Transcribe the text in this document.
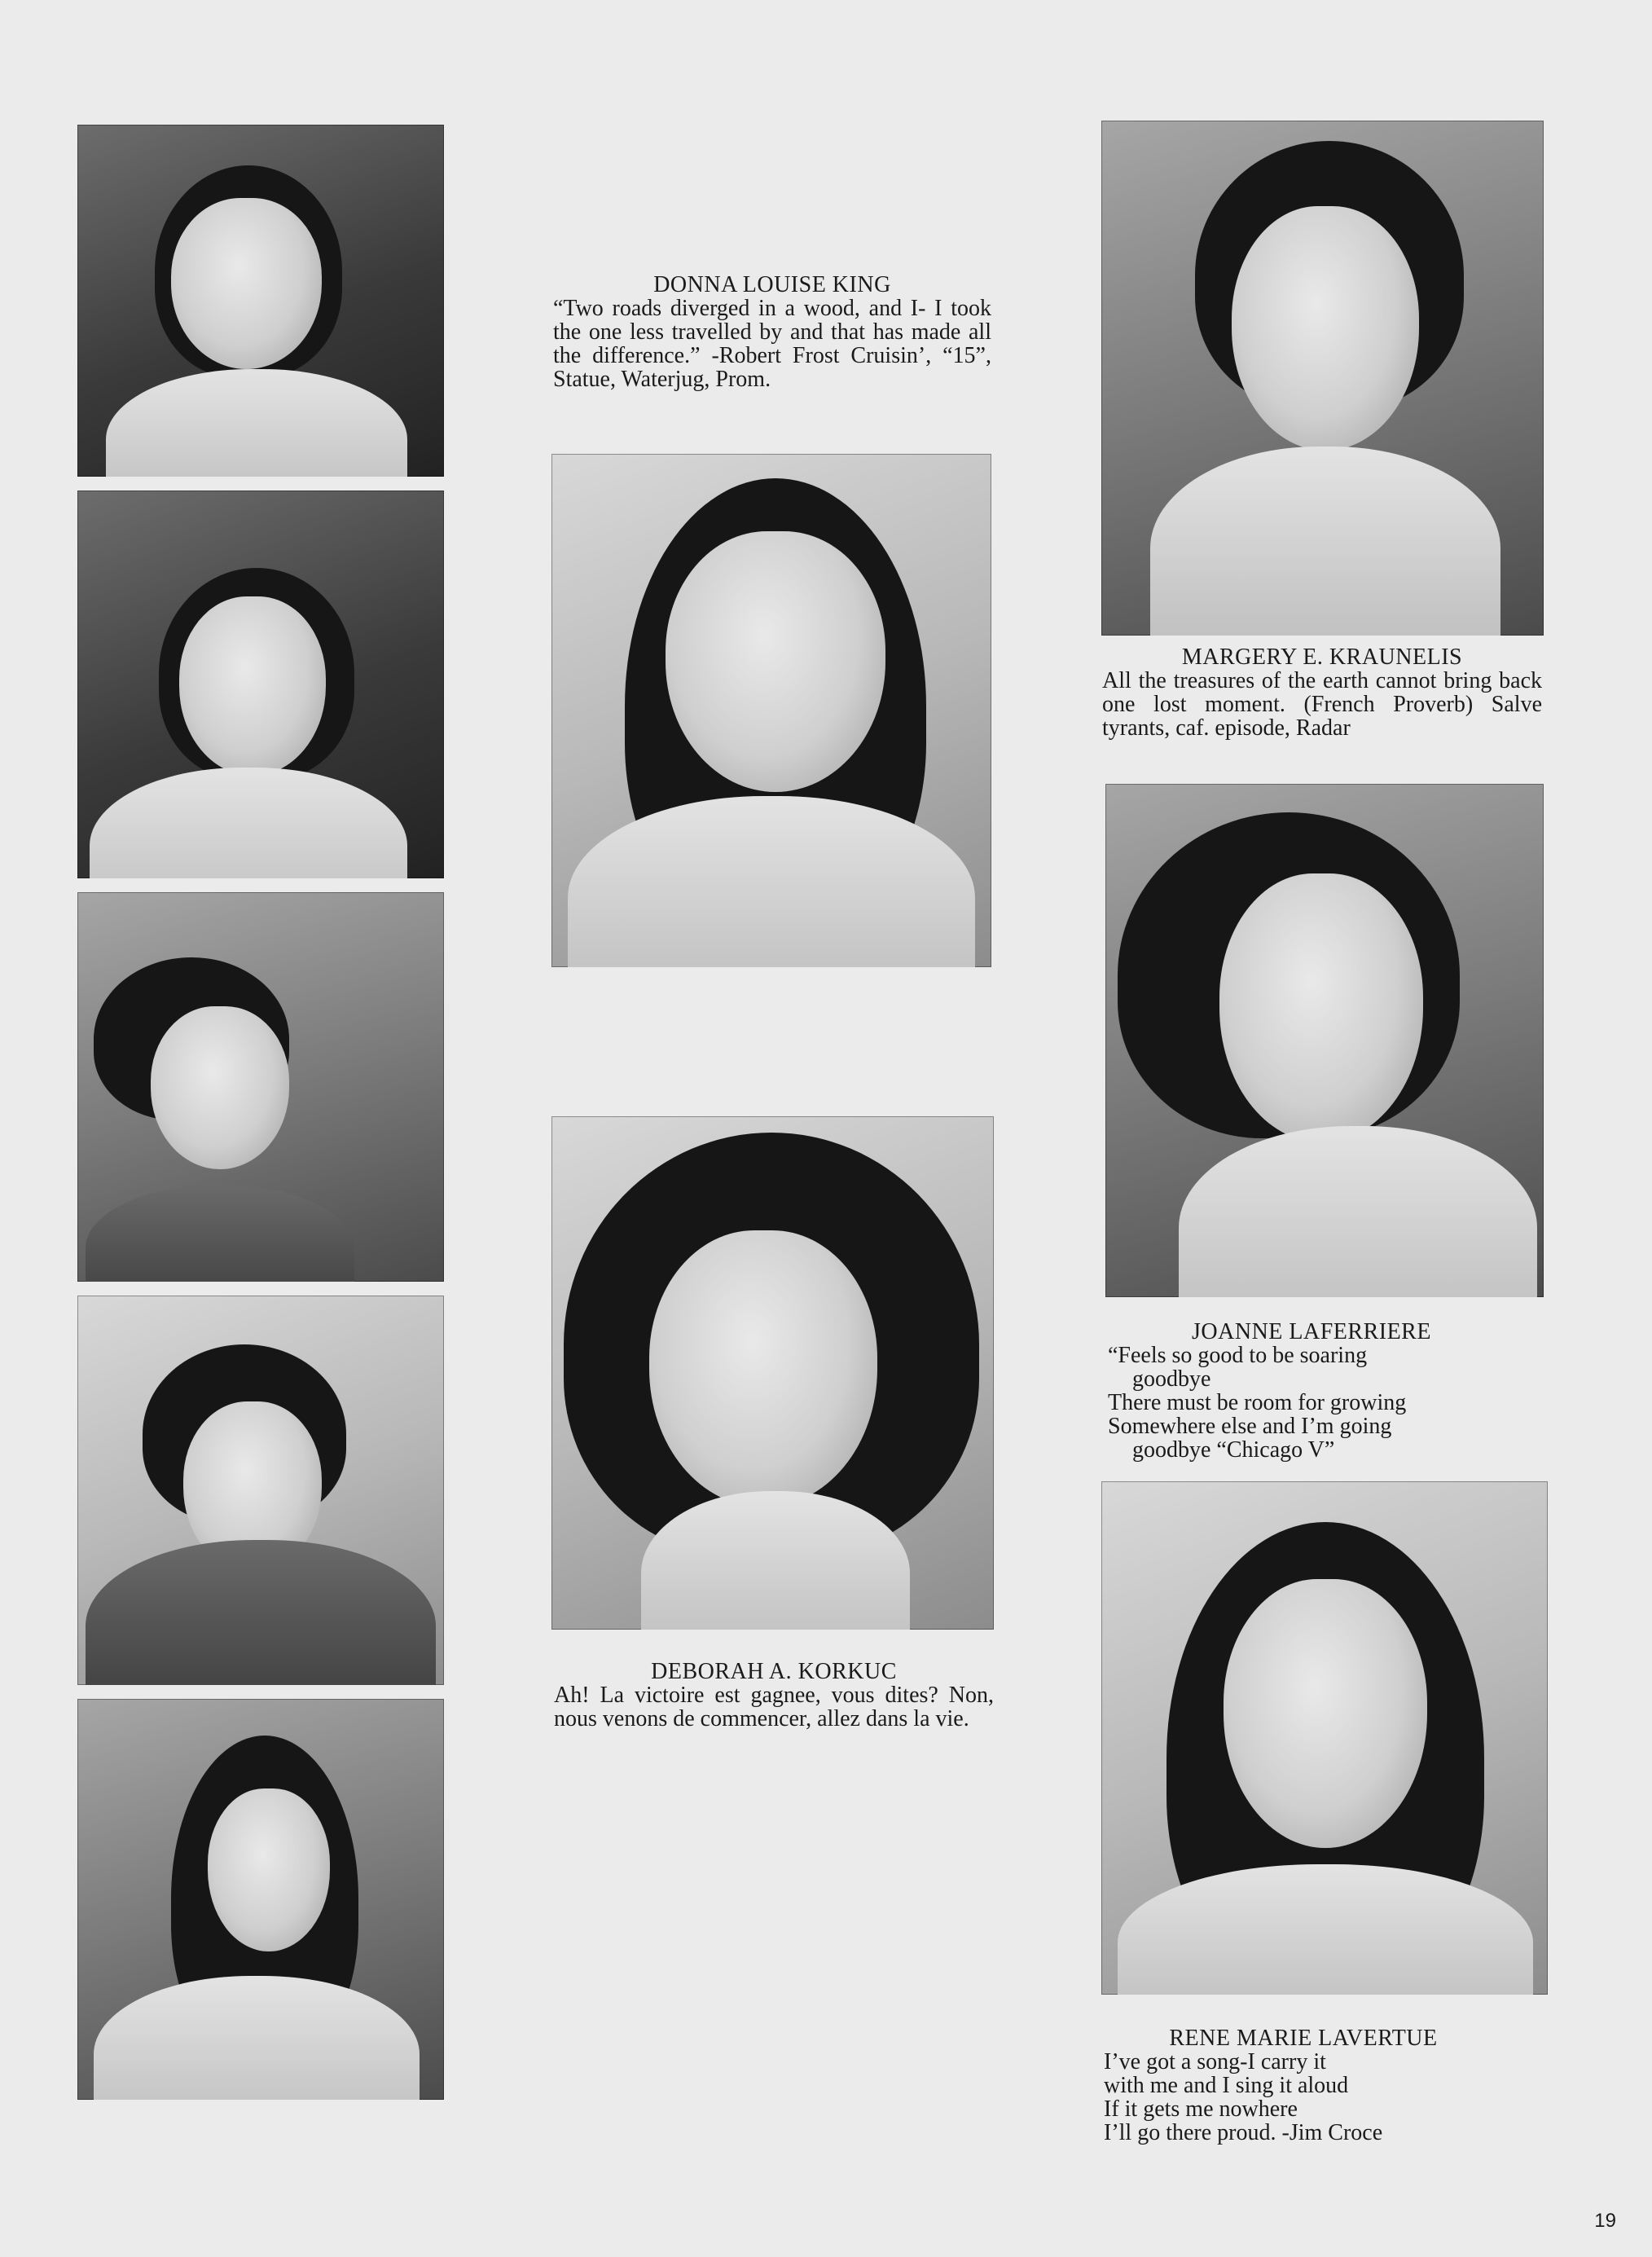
DONNA LOUISE KING

“Two roads diverged in a wood, and I- I took the one less travelled by and that has made all the difference.” -Robert Frost Cruisin’, “15”, Statue, Waterjug, Prom.

DEBORAH A. KORKUC

Ah! La victoire est gagnee, vous dites? Non, nous venons de commencer, allez dans la vie.

MARGERY E. KRAUNELIS

All the treasures of the earth cannot bring back one lost moment. (French Proverb) Salve tyrants, caf. episode, Radar

JOANNE LAFERRIERE
“Feels so good to be soaring
goodbye
There must be room for growing
Somewhere else and I’m going
goodbye “Chicago V”
RENE MARIE LAVERTUE
I’ve got a song-I carry it
with me and I sing it aloud
If it gets me nowhere
I’ll go there proud. -Jim Croce
19
